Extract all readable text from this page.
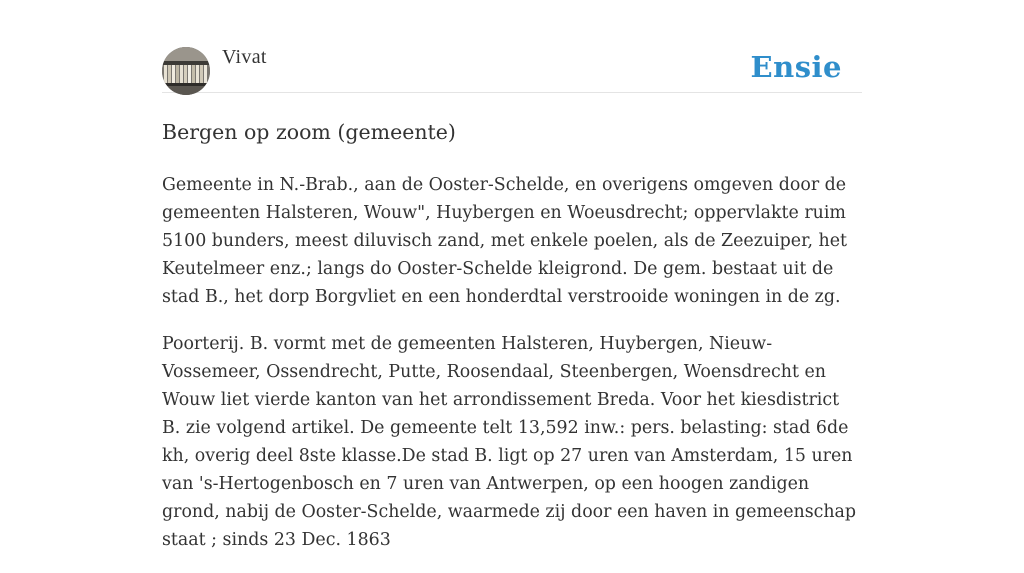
Vivat	Ensie
Bergen op zoom (gemeente)

Gemeente in N.-Brab., aan de Ooster-Schelde, en overigens omgeven door de gemeenten Halsteren, Wouw", Huybergen en Woeusdrecht; oppervlakte ruim 5100 bunders, meest diluvisch zand, met enkele poelen, als de Zeezuiper, het Keutelmeer enz.; langs do Ooster-Schelde kleigrond. De gem. bestaat uit de stad B., het dorp Borgvliet en een honderdtal verstrooide woningen in de zg.

Poorterij. B. vormt met de gemeenten Halsteren, Huybergen, Nieuw-Vossemeer, Ossendrecht, Putte, Roosendaal, Steenbergen, Woensdrecht en Wouw liet vierde kanton van het arrondissement Breda. Voor het kiesdistrict B. zie volgend artikel. De gemeente telt 13,592 inw.: pers. belasting: stad 6de kh, overig deel 8ste klasse.De stad B. ligt op 27 uren van Amsterdam, 15 uren van 's-Hertogenbosch en 7 uren van Antwerpen, op een hoogen zandigen grond, nabij de Ooster-Schelde, waarmede zij door een haven in gemeenschap staat ; sinds 23 Dec. 1863
